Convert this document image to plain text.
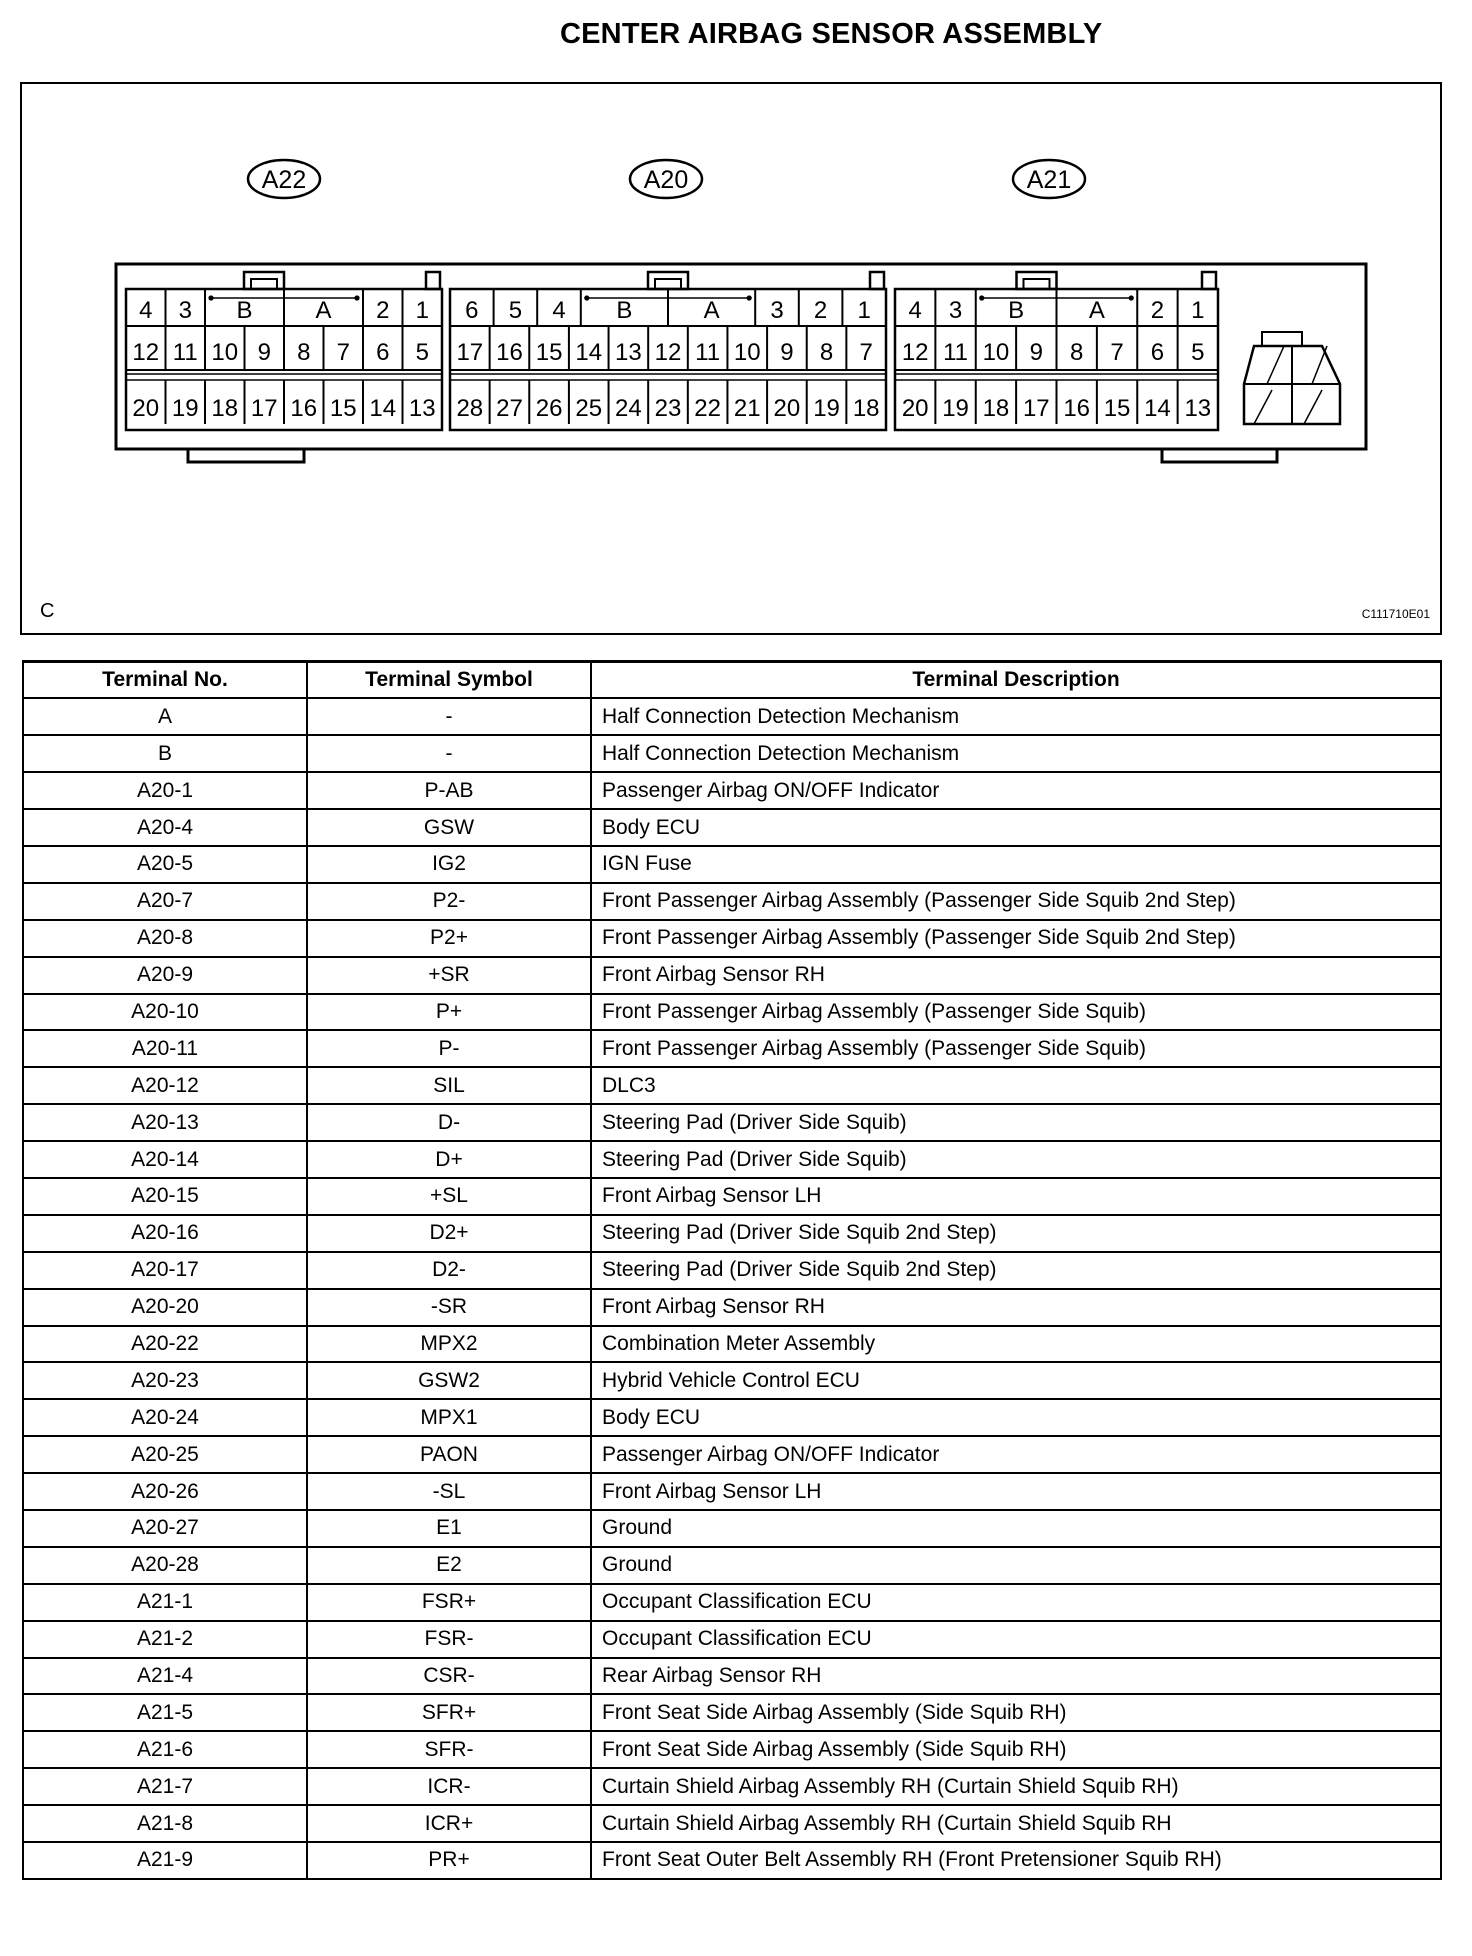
CENTER AIRBAG SENSOR ASSEMBLY
A22
4 3 B	A 2 1
12 11 10 9 8 7 6 5
20 19 18 17 16 15 14 13
A20
6 5 4 B	A 3 2 1
17 16 15 14 13 12 11 10 9 8 7
28 27 26 25 24 23 22 21 20 19 18
A21
4 3 B	A 2 1
12 11 10 9 8 7 6 5
20 19 18 17 16 15 14 13
C	C111710E01
Terminal No.	Terminal Symbol	Terminal Description
A	-	Half Connection Detection Mechanism
B	-	Half Connection Detection Mechanism
A20-1	P-AB	Passenger Airbag ON/OFF Indicator
A20-4	GSW	Body ECU
A20-5	IG2	IGN Fuse
A20-7	P2-	Front Passenger Airbag Assembly (Passenger Side Squib 2nd Step)
A20-8	P2+	Front Passenger Airbag Assembly (Passenger Side Squib 2nd Step)
A20-9	+SR	Front Airbag Sensor RH
A20-10	P+	Front Passenger Airbag Assembly (Passenger Side Squib)
A20-11	P-	Front Passenger Airbag Assembly (Passenger Side Squib)
A20-12	SIL	DLC3
A20-13	D-	Steering Pad (Driver Side Squib)
A20-14	D+	Steering Pad (Driver Side Squib)
A20-15	+SL	Front Airbag Sensor LH
A20-16	D2+	Steering Pad (Driver Side Squib 2nd Step)
A20-17	D2-	Steering Pad (Driver Side Squib 2nd Step)
A20-20	-SR	Front Airbag Sensor RH
A20-22	MPX2	Combination Meter Assembly
A20-23	GSW2	Hybrid Vehicle Control ECU
A20-24	MPX1	Body ECU
A20-25	PAON	Passenger Airbag ON/OFF Indicator
A20-26	-SL	Front Airbag Sensor LH
A20-27	E1	Ground
A20-28	E2	Ground
A21-1	FSR+	Occupant Classification ECU
A21-2	FSR-	Occupant Classification ECU
A21-4	CSR-	Rear Airbag Sensor RH
A21-5	SFR+	Front Seat Side Airbag Assembly (Side Squib RH)
A21-6	SFR-	Front Seat Side Airbag Assembly (Side Squib RH)
A21-7	ICR-	Curtain Shield Airbag Assembly RH (Curtain Shield Squib RH)
A21-8	ICR+	Curtain Shield Airbag Assembly RH (Curtain Shield Squib RH
A21-9	PR+	Front Seat Outer Belt Assembly RH (Front Pretensioner Squib RH)
